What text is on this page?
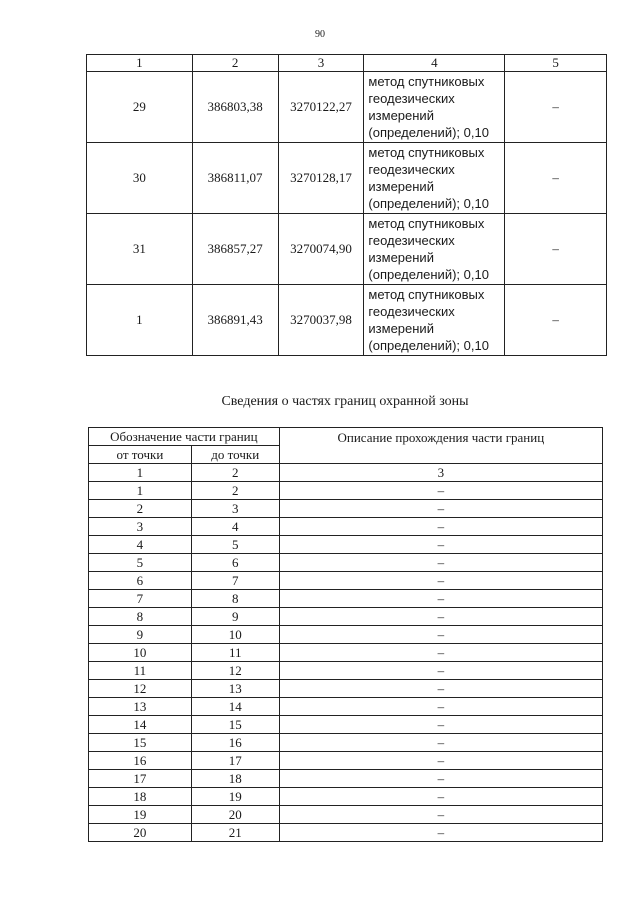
90
1	2	3	4	5
29	386803,38	3270122,27	метод спутниковых
геодезических
измерений
(определений); 0,10	–
30	386811,07	3270128,17	метод спутниковых
геодезических
измерений
(определений); 0,10	–
31	386857,27	3270074,90	метод спутниковых
геодезических
измерений
(определений); 0,10	–
1	386891,43	3270037,98	метод спутниковых
геодезических
измерений
(определений); 0,10	–
Сведения о частях границ охранной зоны
Обозначение части границ		Описание прохождения части границ
от точки	до точки	
1	2	3
1	2	–
2	3	–
3	4	–
4	5	–
5	6	–
6	7	–
7	8	–
8	9	–
9	10	–
10	11	–
11	12	–
12	13	–
13	14	–
14	15	–
15	16	–
16	17	–
17	18	–
18	19	–
19	20	–
20	21	–
